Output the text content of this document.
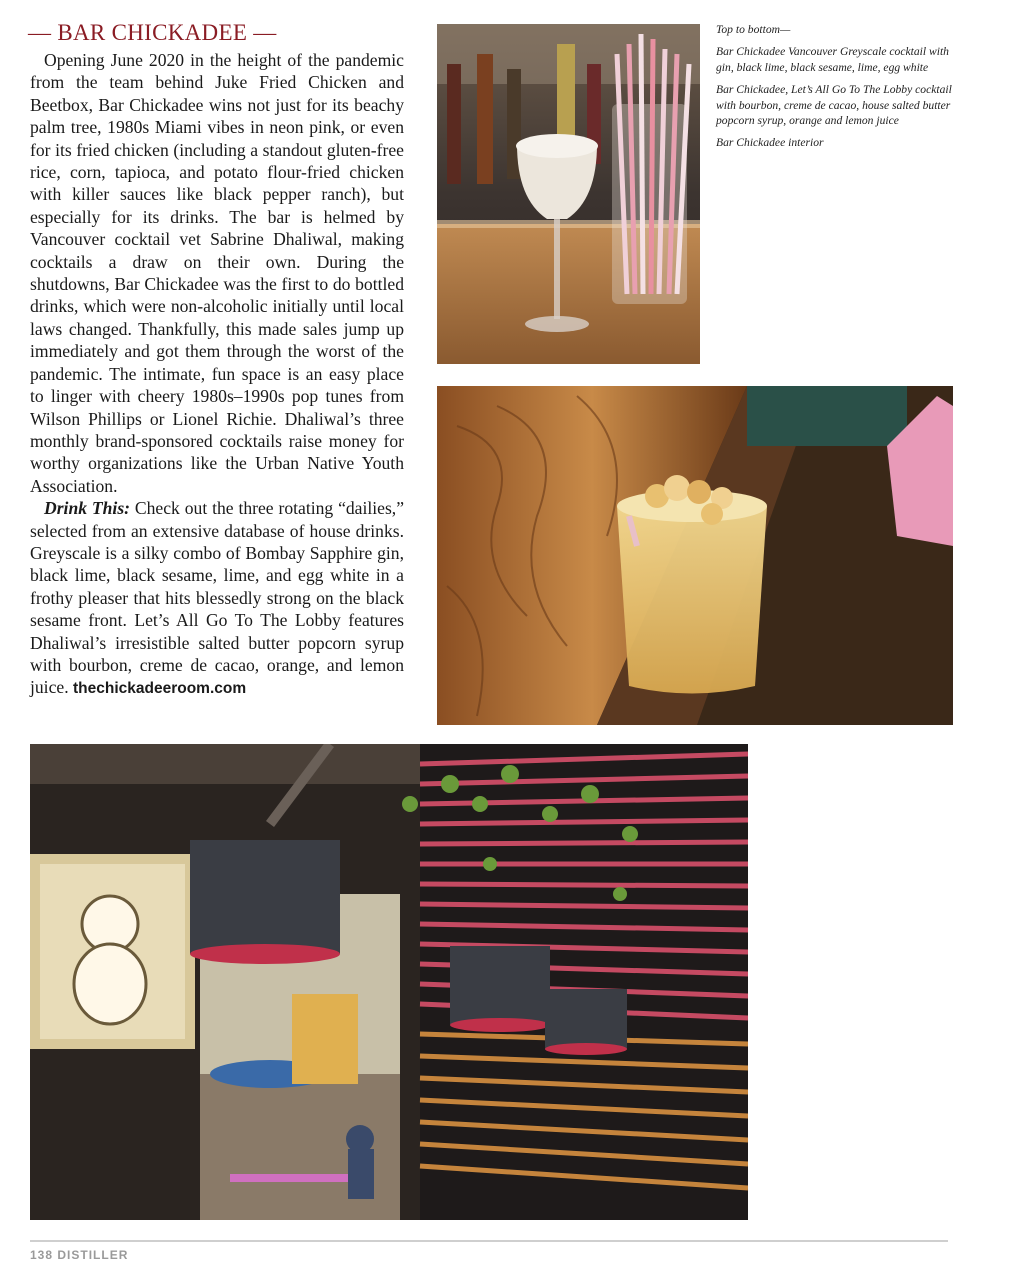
— BAR CHICKADEE —

Opening June 2020 in the height of the pandemic from the team behind Juke Fried Chicken and Beetbox, Bar Chickadee wins not just for its beachy palm tree, 1980s Miami vibes in neon pink, or even for its fried chicken (including a standout gluten-free rice, corn, tapioca, and potato flour-fried chicken with killer sauces like black pepper ranch), but especially for its drinks. The bar is helmed by Vancouver cocktail vet Sabrine Dhaliwal, making cocktails a draw on their own. During the shutdowns, Bar Chickadee was the first to do bottled drinks, which were non-alcoholic initially until local laws changed. Thankfully, this made sales jump up immediately and got them through the worst of the pandemic. The intimate, fun space is an easy place to linger with cheery 1980s–1990s pop tunes from Wilson Phillips or Lionel Richie. Dhaliwal’s three monthly brand-sponsored cocktails raise money for worthy organizations like the Urban Native Youth Association.

Drink This: Check out the three rotating “dailies,” selected from an extensive database of house drinks. Greyscale is a silky combo of Bombay Sapphire gin, black lime, black sesame, lime, and egg white in a frothy pleaser that hits blessedly strong on the black sesame front. Let’s All Go To The Lobby features Dhaliwal’s irresistible salted butter popcorn syrup with bourbon, creme de cacao, orange, and lemon juice. thechickadeeroom.com

Top to bottom—

Bar Chickadee Vancouver Greyscale cocktail with gin, black lime, black sesame, lime, egg white

Bar Chickadee, Let’s All Go To The Lobby cocktail with bourbon, creme de cacao, house salted butter popcorn syrup, orange and lemon juice

Bar Chickadee interior

138 DISTILLER
